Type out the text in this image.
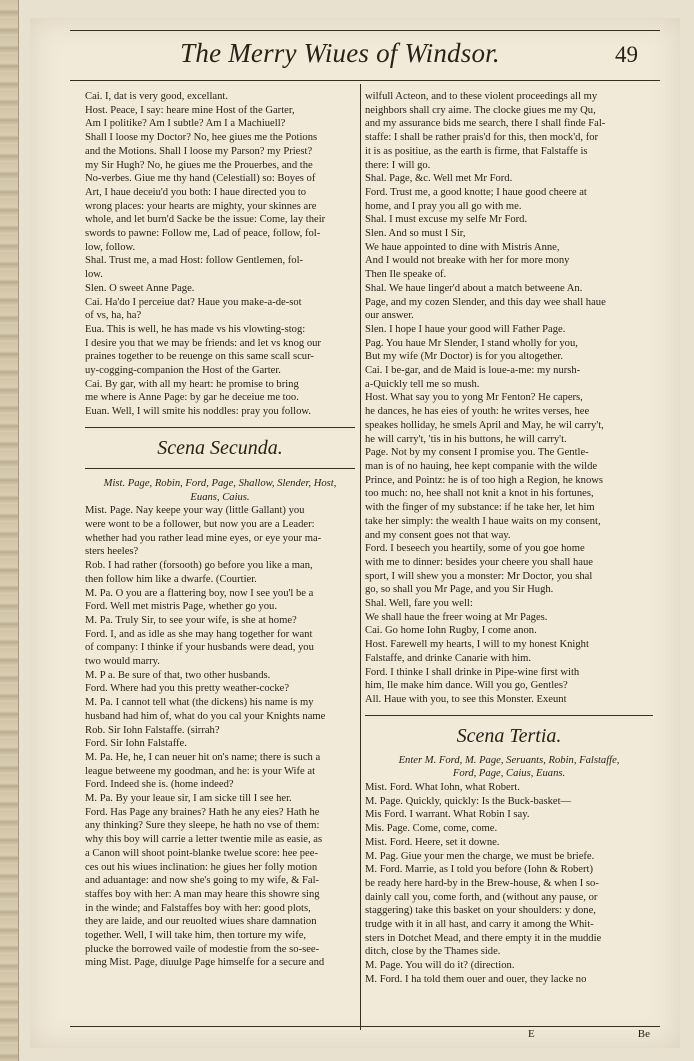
The Merry Wiues of Windsor.	49
Cai. I, dat is very good, excellant.
Host. Peace, I say: heare mine Host of the Garter,
Am I politike? Am I subtle? Am I a Machiuell?
Shall I loose my Doctor? No, hee giues me the Potions
and the Motions. Shall I loose my Parson? my Priest?
my Sir Hugh? No, he giues me the Prouerbes, and the
No-verbes. Giue me thy hand (Celestiall) so: Boyes of
Art, I haue deceiu'd you both: I haue directed you to
wrong places: your hearts are mighty, your skinnes are
whole, and let burn'd Sacke be the issue: Come, lay their
swords to pawne: Follow me, Lad of peace, follow, fol-
low, follow.
Shal. Trust me, a mad Host: follow Gentlemen, fol-
low.
Slen. O sweet Anne Page.
Cai. Ha'do I perceiue dat? Haue you make-a-de-sot
of vs, ha, ha?
Eua. This is well, he has made vs his vlowting-stog:
I desire you that we may be friends: and let vs knog our
praines together to be reuenge on this same scall scur-
uy-cogging-companion the Host of the Garter.
Cai. By gar, with all my heart: he promise to bring
me where is Anne Page: by gar he deceiue me too.
Euan. Well, I will smite his noddles: pray you follow.
Scena Secunda.
Mist. Page, Robin, Ford, Page, Shallow, Slender, Host,
Euans, Caius.
Mist. Page. Nay keepe your way (little Gallant) you
were wont to be a follower, but now you are a Leader:
whether had you rather lead mine eyes, or eye your ma-
sters heeles?
Rob. I had rather (forsooth) go before you like a man,
then follow him like a dwarfe. (Courtier.
M. Pa. O you are a flattering boy, now I see you'l be a
Ford. Well met mistris Page, whether go you.
M. Pa. Truly Sir, to see your wife, is she at home?
Ford. I, and as idle as she may hang together for want
of company: I thinke if your husbands were dead, you
two would marry.
M. P a. Be sure of that, two other husbands.
Ford. Where had you this pretty weather-cocke?
M. Pa. I cannot tell what (the dickens) his name is my
husband had him of, what do you cal your Knights name
Rob. Sir Iohn Falstaffe. (sirrah?
Ford. Sir Iohn Falstaffe.
M. Pa. He, he, I can neuer hit on's name; there is such a
league betweene my goodman, and he: is your Wife at
Ford. Indeed she is. (home indeed?
M. Pa. By your leaue sir, I am sicke till I see her.
Ford. Has Page any braines? Hath he any eies? Hath he
any thinking? Sure they sleepe, he hath no vse of them:
why this boy will carrie a letter twentie mile as easie, as
a Canon will shoot point-blanke twelue score: hee pee-
ces out his wiues inclination: he giues her folly motion
and aduantage: and now she's going to my wife, & Fal-
staffes boy with her: A man may heare this showre sing
in the winde; and Falstaffes boy with her: good plots,
they are laide, and our reuolted wiues share damnation
together. Well, I will take him, then torture my wife,
plucke the borrowed vaile of modestie from the so-see-
ming Mist. Page, diuulge Page himselfe for a secure and
wilfull Acteon, and to these violent proceedings all my
neighbors shall cry aime. The clocke giues me my Qu,
and my assurance bids me search, there I shall finde Fal-
staffe: I shall be rather prais'd for this, then mock'd, for
it is as positiue, as the earth is firme, that Falstaffe is
there: I will go.
Shal. Page, &c. Well met Mr Ford.
Ford. Trust me, a good knotte; I haue good cheere at
home, and I pray you all go with me.
Shal. I must excuse my selfe Mr Ford.
Slen. And so must I Sir,
We haue appointed to dine with Mistris Anne,
And I would not breake with her for more mony
Then Ile speake of.
Shal. We haue linger'd about a match betweene An.
Page, and my cozen Slender, and this day wee shall haue
our answer.
Slen. I hope I haue your good will Father Page.
Pag. You haue Mr Slender, I stand wholly for you,
But my wife (Mr Doctor) is for you altogether.
Cai. I be-gar, and de Maid is loue-a-me: my nursh-
a-Quickly tell me so mush.
Host. What say you to yong Mr Fenton? He capers,
he dances, he has eies of youth: he writes verses, hee
speakes holliday, he smels April and May, he wil carry't,
he will carry't, 'tis in his buttons, he will carry't.
Page. Not by my consent I promise you. The Gentle-
man is of no hauing, hee kept companie with the wilde
Prince, and Pointz: he is of too high a Region, he knows
too much: no, hee shall not knit a knot in his fortunes,
with the finger of my substance: if he take her, let him
take her simply: the wealth I haue waits on my consent,
and my consent goes not that way.
Ford. I beseech you heartily, some of you goe home
with me to dinner: besides your cheere you shall haue
sport, I will shew you a monster: Mr Doctor, you shal
go, so shall you Mr Page, and you Sir Hugh.
Shal. Well, fare you well:
We shall haue the freer woing at Mr Pages.
Cai. Go home Iohn Rugby, I come anon.
Host. Farewell my hearts, I will to my honest Knight
Falstaffe, and drinke Canarie with him.
Ford. I thinke I shall drinke in Pipe-wine first with
him, Ile make him dance. Will you go, Gentles?
All. Haue with you, to see this Monster. Exeunt
Scena Tertia.
Enter M. Ford, M. Page, Seruants, Robin, Falstaffe,
Ford, Page, Caius, Euans.
Mist. Ford. What Iohn, what Robert.
M. Page. Quickly, quickly: Is the Buck-basket—
Mis Ford. I warrant. What Robin I say.
Mis. Page. Come, come, come.
Mist. Ford. Heere, set it downe.
M. Pag. Giue your men the charge, we must be briefe.
M. Ford. Marrie, as I told you before (Iohn & Robert)
be ready here hard-by in the Brew-house, & when I so-
dainly call you, come forth, and (without any pause, or
staggering) take this basket on your shoulders: y done,
trudge with it in all hast, and carry it among the Whit-
sters in Dotchet Mead, and there empty it in the muddie
ditch, close by the Thames side.
M. Page. You will do it? (direction.
M. Ford. I ha told them ouer and ouer, they lacke no
E	Be
